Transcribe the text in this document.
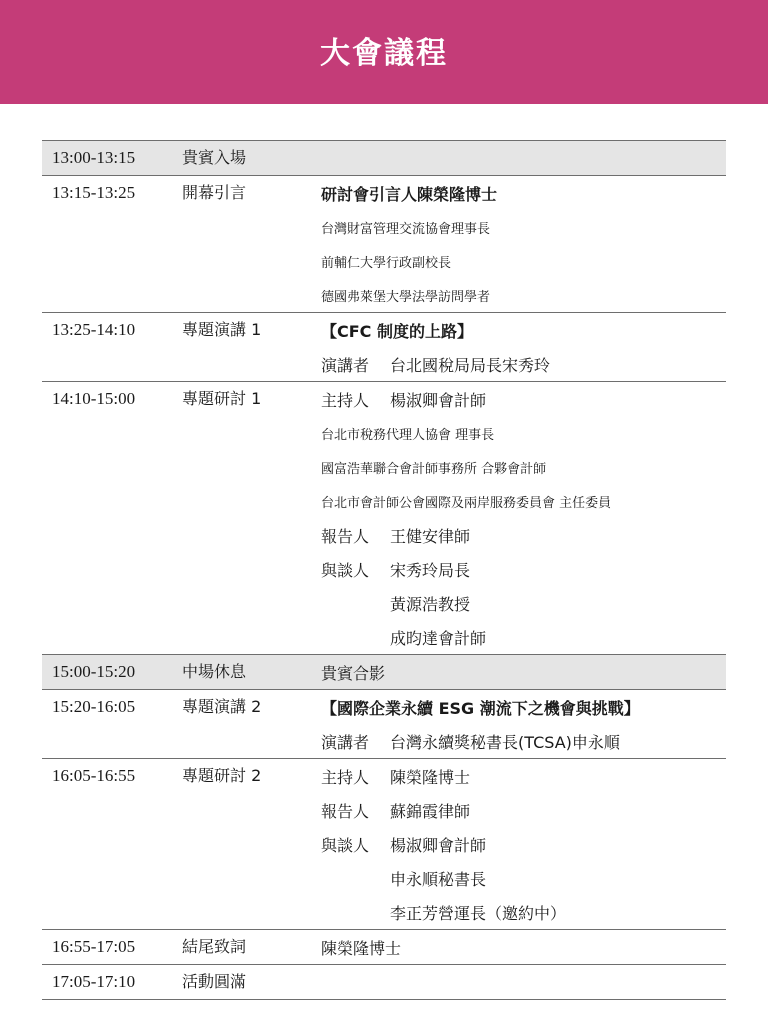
大會議程
13:00-13:15	貴賓入場
13:15-13:25	開幕引言	研討會引言人陳榮隆博士
台灣財富管理交流協會理事長
前輔仁大學行政副校長
德國弗萊堡大學法學訪問學者
13:25-14:10	專題演講 1	【CFC 制度的上路】
演講者	台北國稅局局長宋秀玲
14:10-15:00	專題研討 1	主持人	楊淑卿會計師
台北市稅務代理人協會 理事長
國富浩華聯合會計師事務所 合夥會計師
台北市會計師公會國際及兩岸服務委員會 主任委員
報告人	王健安律師
與談人	宋秀玲局長
黃源浩教授
成昀達會計師
15:00-15:20	中場休息	貴賓合影
15:20-16:05	專題演講 2	【國際企業永續 ESG 潮流下之機會與挑戰】
演講者	台灣永續獎秘書長(TCSA)申永順
16:05-16:55	專題研討 2	主持人	陳榮隆博士
報告人	蘇錦霞律師
與談人	楊淑卿會計師
申永順秘書長
李正芳營運長（邀約中）
16:55-17:05	結尾致詞	陳榮隆博士
17:05-17:10	活動圓滿
